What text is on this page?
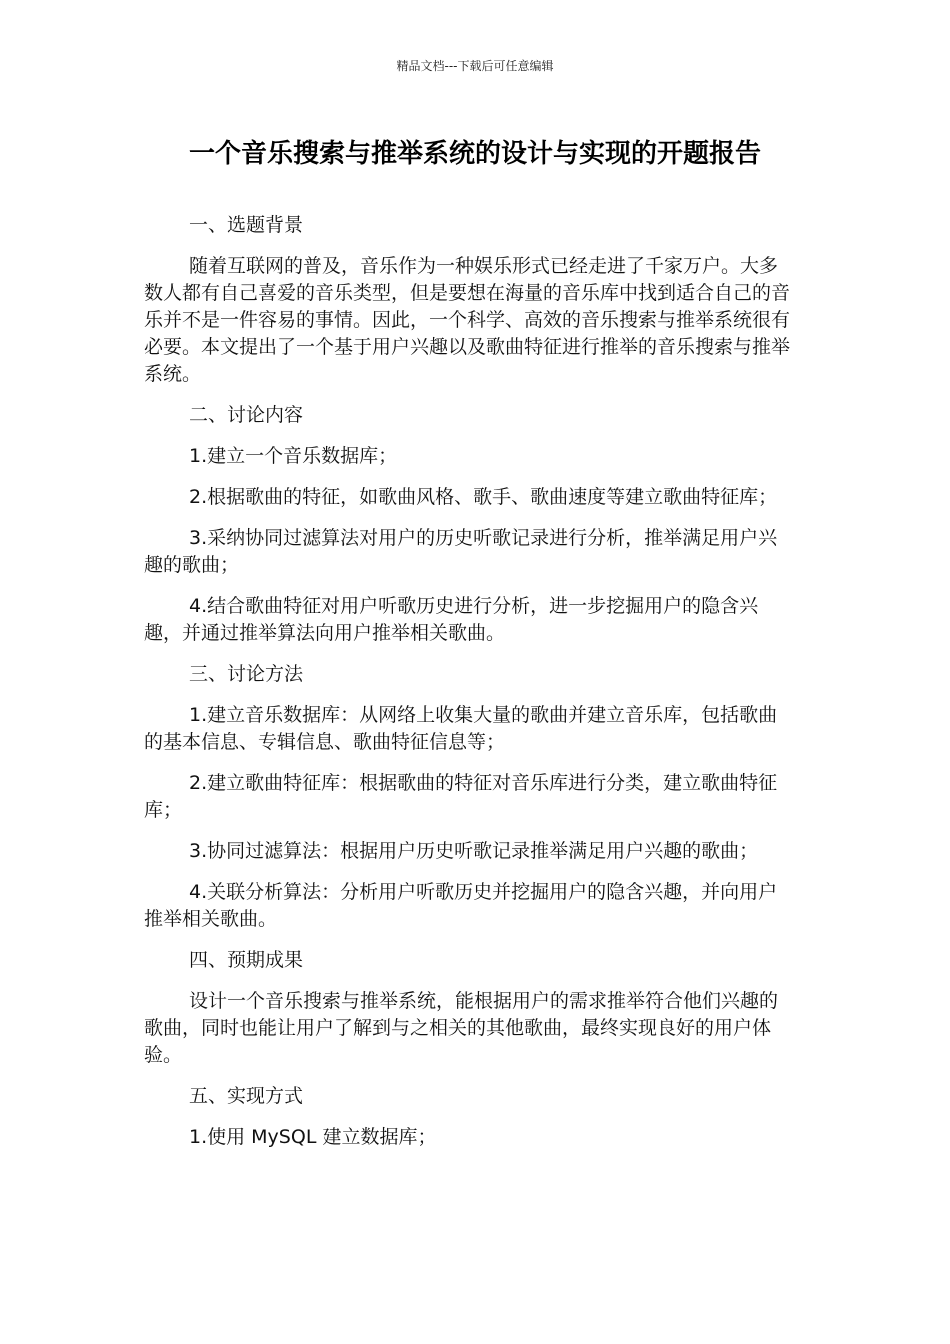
精品文档---下载后可任意编辑
一个音乐搜索与推举系统的设计与实现的开题报告

一、选题背景

随着互联网的普及，音乐作为一种娱乐形式已经走进了千家万户。大多数人都有自己喜爱的音乐类型，但是要想在海量的音乐库中找到适合自己的音乐并不是一件容易的事情。因此，一个科学、高效的音乐搜索与推举系统很有必要。本文提出了一个基于用户兴趣以及歌曲特征进行推举的音乐搜索与推举系统。

二、讨论内容

1.建立一个音乐数据库；

2.根据歌曲的特征，如歌曲风格、歌手、歌曲速度等建立歌曲特征库；

3.采纳协同过滤算法对用户的历史听歌记录进行分析，推举满足用户兴趣的歌曲；

4.结合歌曲特征对用户听歌历史进行分析，进一步挖掘用户的隐含兴趣，并通过推举算法向用户推举相关歌曲。

三、讨论方法

1.建立音乐数据库：从网络上收集大量的歌曲并建立音乐库，包括歌曲的基本信息、专辑信息、歌曲特征信息等；

2.建立歌曲特征库：根据歌曲的特征对音乐库进行分类，建立歌曲特征库；

3.协同过滤算法：根据用户历史听歌记录推举满足用户兴趣的歌曲；

4.关联分析算法：分析用户听歌历史并挖掘用户的隐含兴趣，并向用户推举相关歌曲。

四、预期成果

设计一个音乐搜索与推举系统，能根据用户的需求推举符合他们兴趣的歌曲，同时也能让用户了解到与之相关的其他歌曲，最终实现良好的用户体验。

五、实现方式

1.使用 MySQL 建立数据库；
